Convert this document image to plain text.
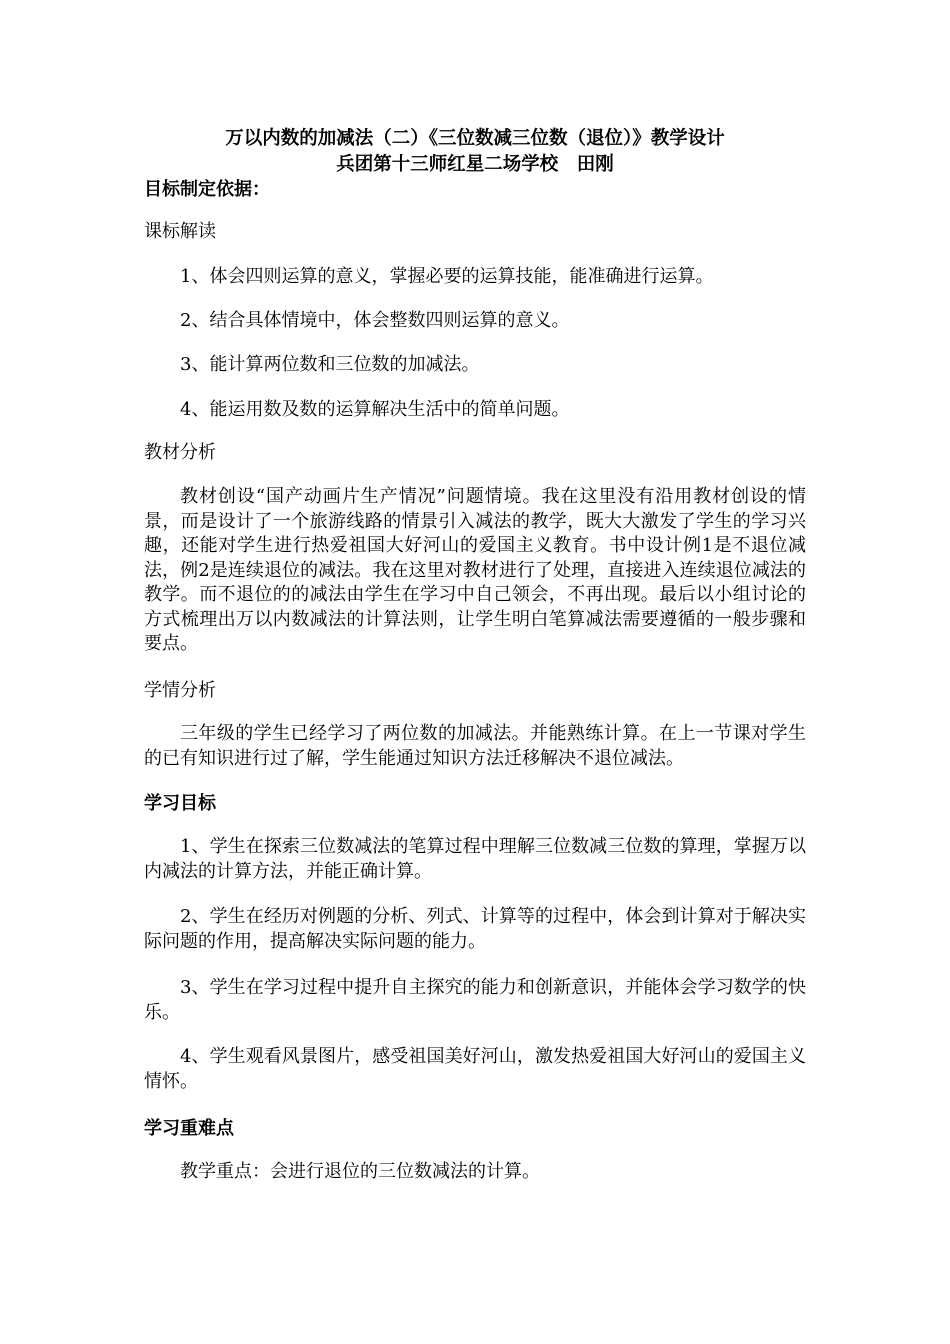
万以内数的加减法（二）《三位数减三位数（退位）》教学设计
兵团第十三师红星二场学校　田刚
目标制定依据：
课标解读
1、体会四则运算的意义，掌握必要的运算技能，能准确进行运算。
2、结合具体情境中，体会整数四则运算的意义。
3、能计算两位数和三位数的加减法。
4、能运用数及数的运算解决生活中的简单问题。
教材分析
教材创设“国产动画片生产情况”问题情境。我在这里没有沿用教材创设的情景，而是设计了一个旅游线路的情景引入减法的教学，既大大激发了学生的学习兴趣，还能对学生进行热爱祖国大好河山的爱国主义教育。书中设计例1是不退位减法，例2是连续退位的减法。我在这里对教材进行了处理，直接进入连续退位减法的教学。而不退位的的减法由学生在学习中自己领会，不再出现。最后以小组讨论的方式梳理出万以内数减法的计算法则，让学生明白笔算减法需要遵循的一般步骤和要点。
学情分析
三年级的学生已经学习了两位数的加减法。并能熟练计算。在上一节课对学生的已有知识进行过了解，学生能通过知识方法迁移解决不退位减法。
学习目标
1、学生在探索三位数减法的笔算过程中理解三位数减三位数的算理，掌握万以内减法的计算方法，并能正确计算。
2、学生在经历对例题的分析、列式、计算等的过程中，体会到计算对于解决实际问题的作用，提高解决实际问题的能力。
3、学生在学习过程中提升自主探究的能力和创新意识，并能体会学习数学的快乐。
4、学生观看风景图片，感受祖国美好河山，激发热爱祖国大好河山的爱国主义情怀。
学习重难点
教学重点：会进行退位的三位数减法的计算。
